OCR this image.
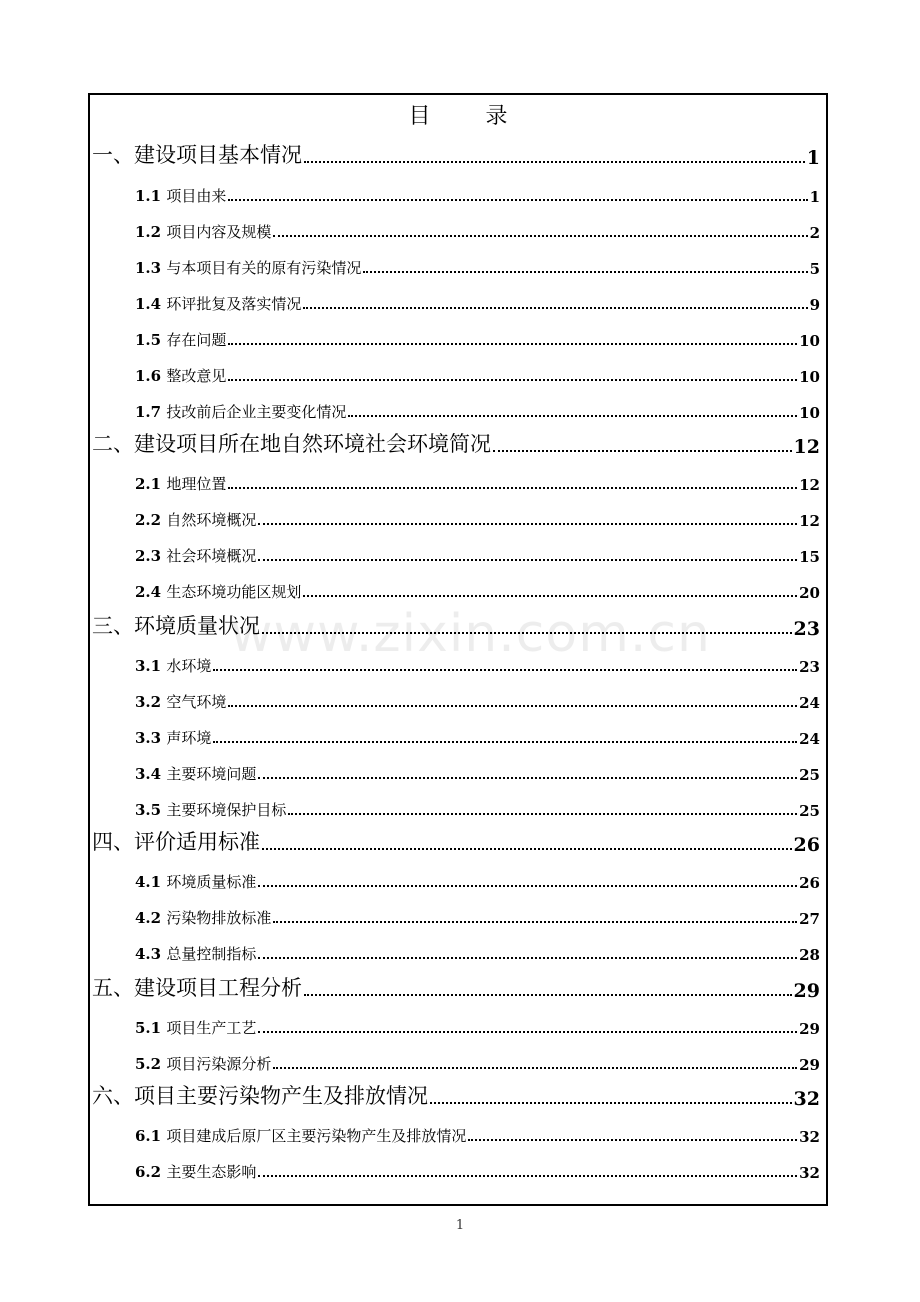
目 录
一、建设项目基本情况	1
1.1 项目由来	1
1.2 项目内容及规模	2
1.3 与本项目有关的原有污染情况	5
1.4 环评批复及落实情况	9
1.5 存在问题	10
1.6 整改意见	10
1.7 技改前后企业主要变化情况	10
二、建设项目所在地自然环境社会环境简况	12
2.1 地理位置	12
2.2 自然环境概况	12
2.3 社会环境概况	15
2.4 生态环境功能区规划	20
三、环境质量状况	23
3.1 水环境	23
3.2 空气环境	24
3.3 声环境	24
3.4 主要环境问题	25
3.5 主要环境保护目标	25
四、评价适用标准	26
4.1 环境质量标准	26
4.2 污染物排放标准	27
4.3 总量控制指标	28
五、建设项目工程分析	29
5.1 项目生产工艺	29
5.2 项目污染源分析	29
六、项目主要污染物产生及排放情况	32
6.1 项目建成后原厂区主要污染物产生及排放情况	32
6.2 主要生态影响	32
www.zixin.com.cn
1
